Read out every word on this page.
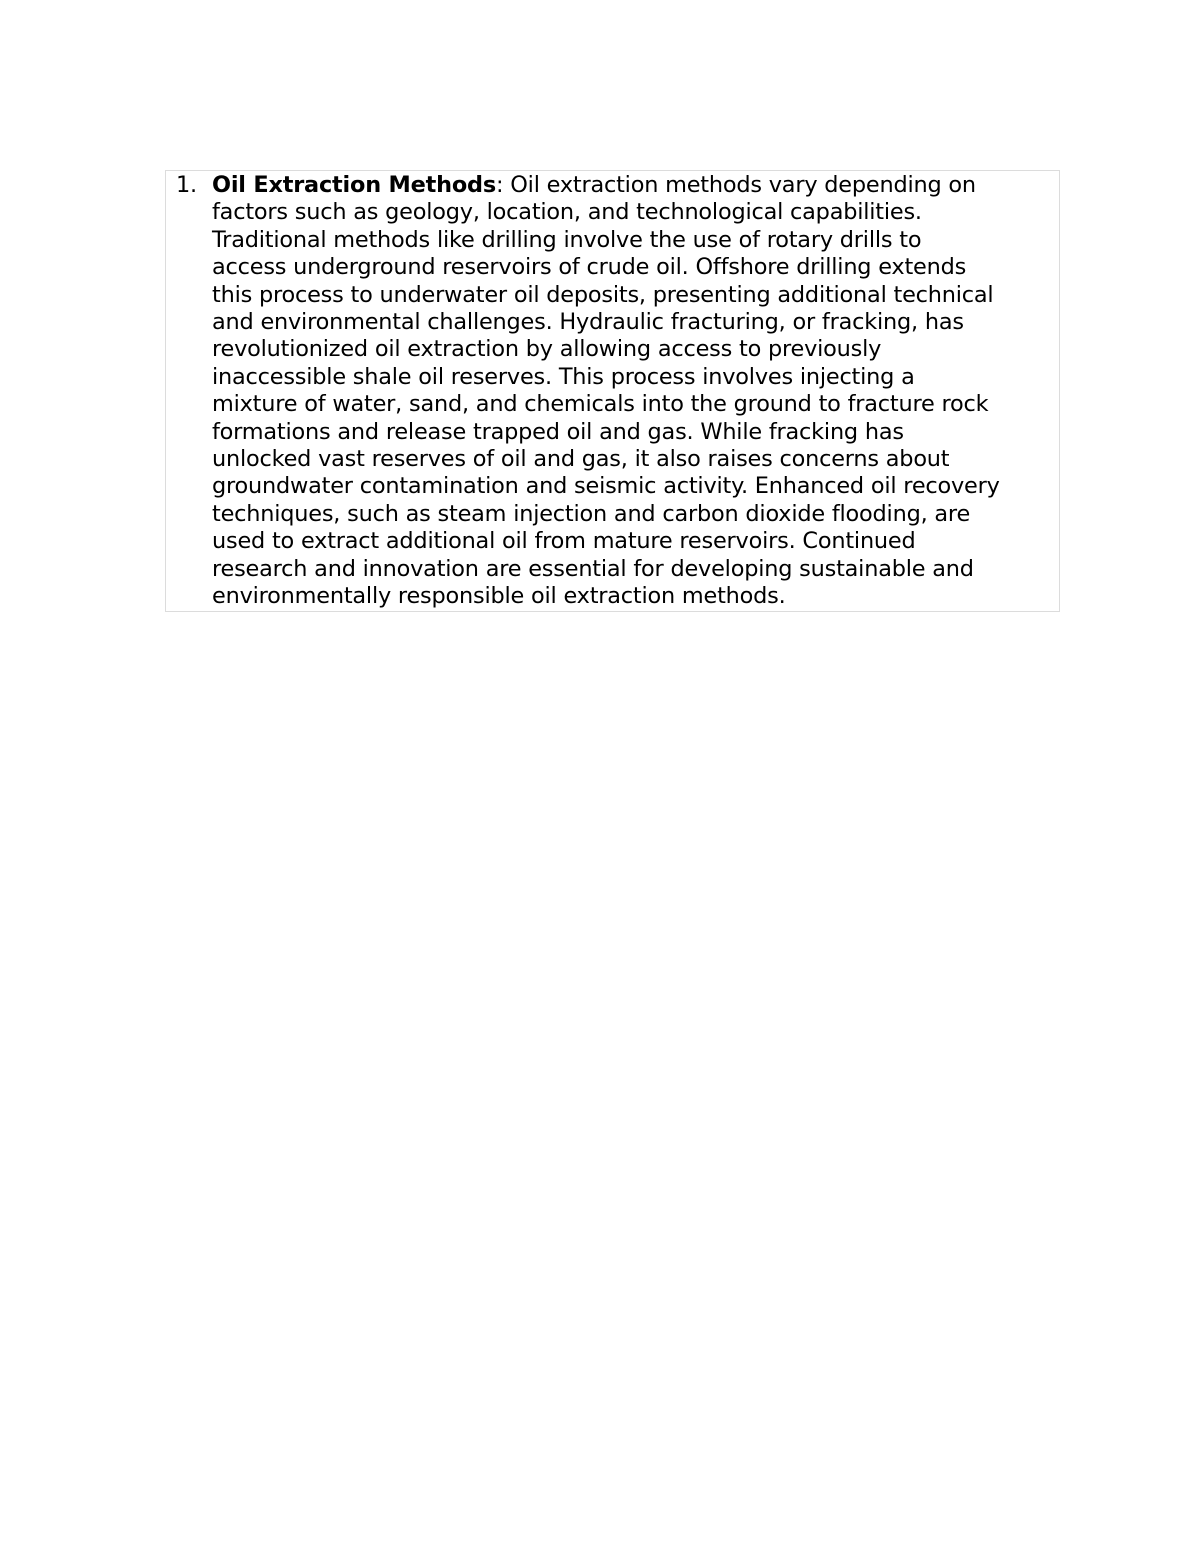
1. Oil Extraction Methods: Oil extraction methods vary depending on
factors such as geology, location, and technological capabilities.
Traditional methods like drilling involve the use of rotary drills to
access underground reservoirs of crude oil. Offshore drilling extends
this process to underwater oil deposits, presenting additional technical
and environmental challenges. Hydraulic fracturing, or fracking, has
revolutionized oil extraction by allowing access to previously
inaccessible shale oil reserves. This process involves injecting a
mixture of water, sand, and chemicals into the ground to fracture rock
formations and release trapped oil and gas. While fracking has
unlocked vast reserves of oil and gas, it also raises concerns about
groundwater contamination and seismic activity. Enhanced oil recovery
techniques, such as steam injection and carbon dioxide flooding, are
used to extract additional oil from mature reservoirs. Continued
research and innovation are essential for developing sustainable and
environmentally responsible oil extraction methods.
